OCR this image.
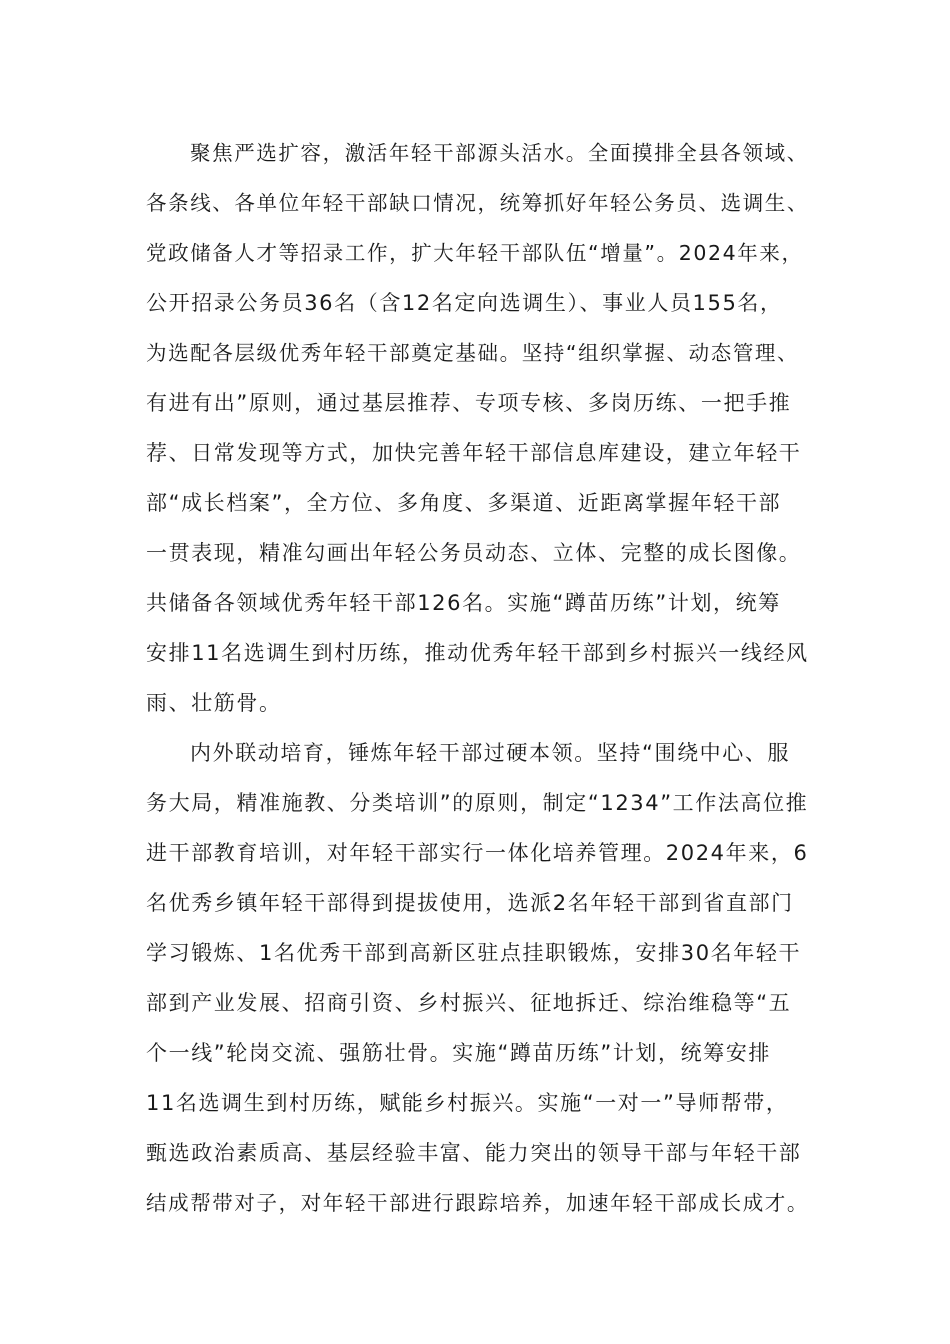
聚焦严选扩容，激活年轻干部源头活水。全面摸排全县各领域、

各条线、各单位年轻干部缺口情况，统筹抓好年轻公务员、选调生、

党政储备人才等招录工作，扩大年轻干部队伍“增量”。2024年来，

公开招录公务员36名（含12名定向选调生）、事业人员155名，

为选配各层级优秀年轻干部奠定基础。坚持“组织掌握、动态管理、

有进有出”原则，通过基层推荐、专项专核、多岗历练、一把手推

荐、日常发现等方式，加快完善年轻干部信息库建设，建立年轻干

部“成长档案”，全方位、多角度、多渠道、近距离掌握年轻干部

一贯表现，精准勾画出年轻公务员动态、立体、完整的成长图像。

共储备各领域优秀年轻干部126名。实施“蹲苗历练”计划，统筹

安排11名选调生到村历练，推动优秀年轻干部到乡村振兴一线经风

雨、壮筋骨。

内外联动培育，锤炼年轻干部过硬本领。坚持“围绕中心、服

务大局，精准施教、分类培训”的原则，制定“1234”工作法高位推

进干部教育培训，对年轻干部实行一体化培养管理。2024年来，6

名优秀乡镇年轻干部得到提拔使用，选派2名年轻干部到省直部门

学习锻炼、1名优秀干部到高新区驻点挂职锻炼，安排30名年轻干

部到产业发展、招商引资、乡村振兴、征地拆迁、综治维稳等“五

个一线”轮岗交流、强筋壮骨。实施“蹲苗历练”计划，统筹安排

11名选调生到村历练，赋能乡村振兴。实施“一对一”导师帮带，

甄选政治素质高、基层经验丰富、能力突出的领导干部与年轻干部

结成帮带对子，对年轻干部进行跟踪培养，加速年轻干部成长成才。
